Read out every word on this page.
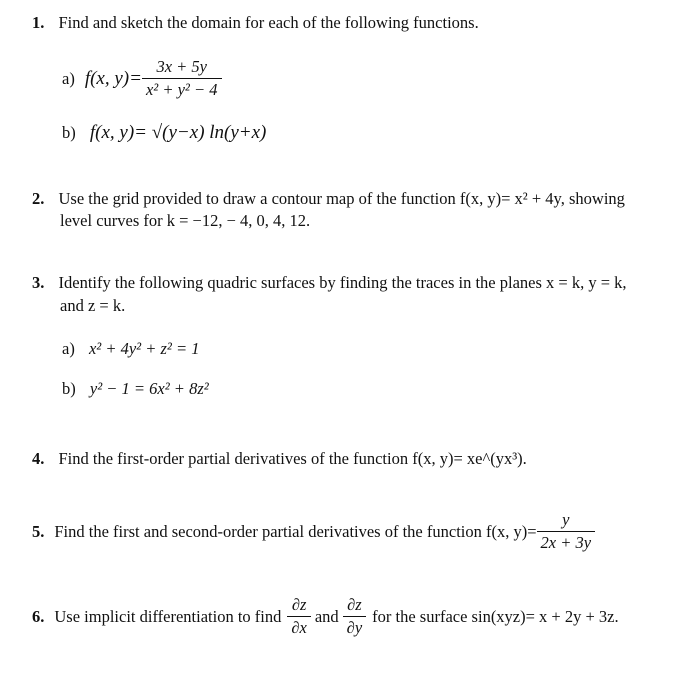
1. Find and sketch the domain for each of the following functions.
a) f(x, $y)= \frac{3x + 5y}{\text{x² + y² − 4}}$
b) f(x, y)= √(y−x) ln(y+x)
2. Use the grid provided to draw a contour map of the function f(x, y)= x² + 4y, showing
level curves for k = −12, − 4, 0, 4, 12.
3. Identify the following quadric surfaces by finding the traces in the planes x = k, y = k,
and z = k.
a) x² + 4y² + z² = 1
b) y² − 1 = 6x² + 8z²
4. Find the first-order partial derivatives of the function f(x, y)= xe^(yx³).
5. Find the first and second-order partial derivatives of the function f(x, $y)= \frac{y}{2x + 3y}$
6. Use implicit differentiation to find $\frac{\partial z}{\partial x}$ and $\frac{\partial z}{\partial y}$ for the surface sin(xyz)= x + 2y + 3z.
